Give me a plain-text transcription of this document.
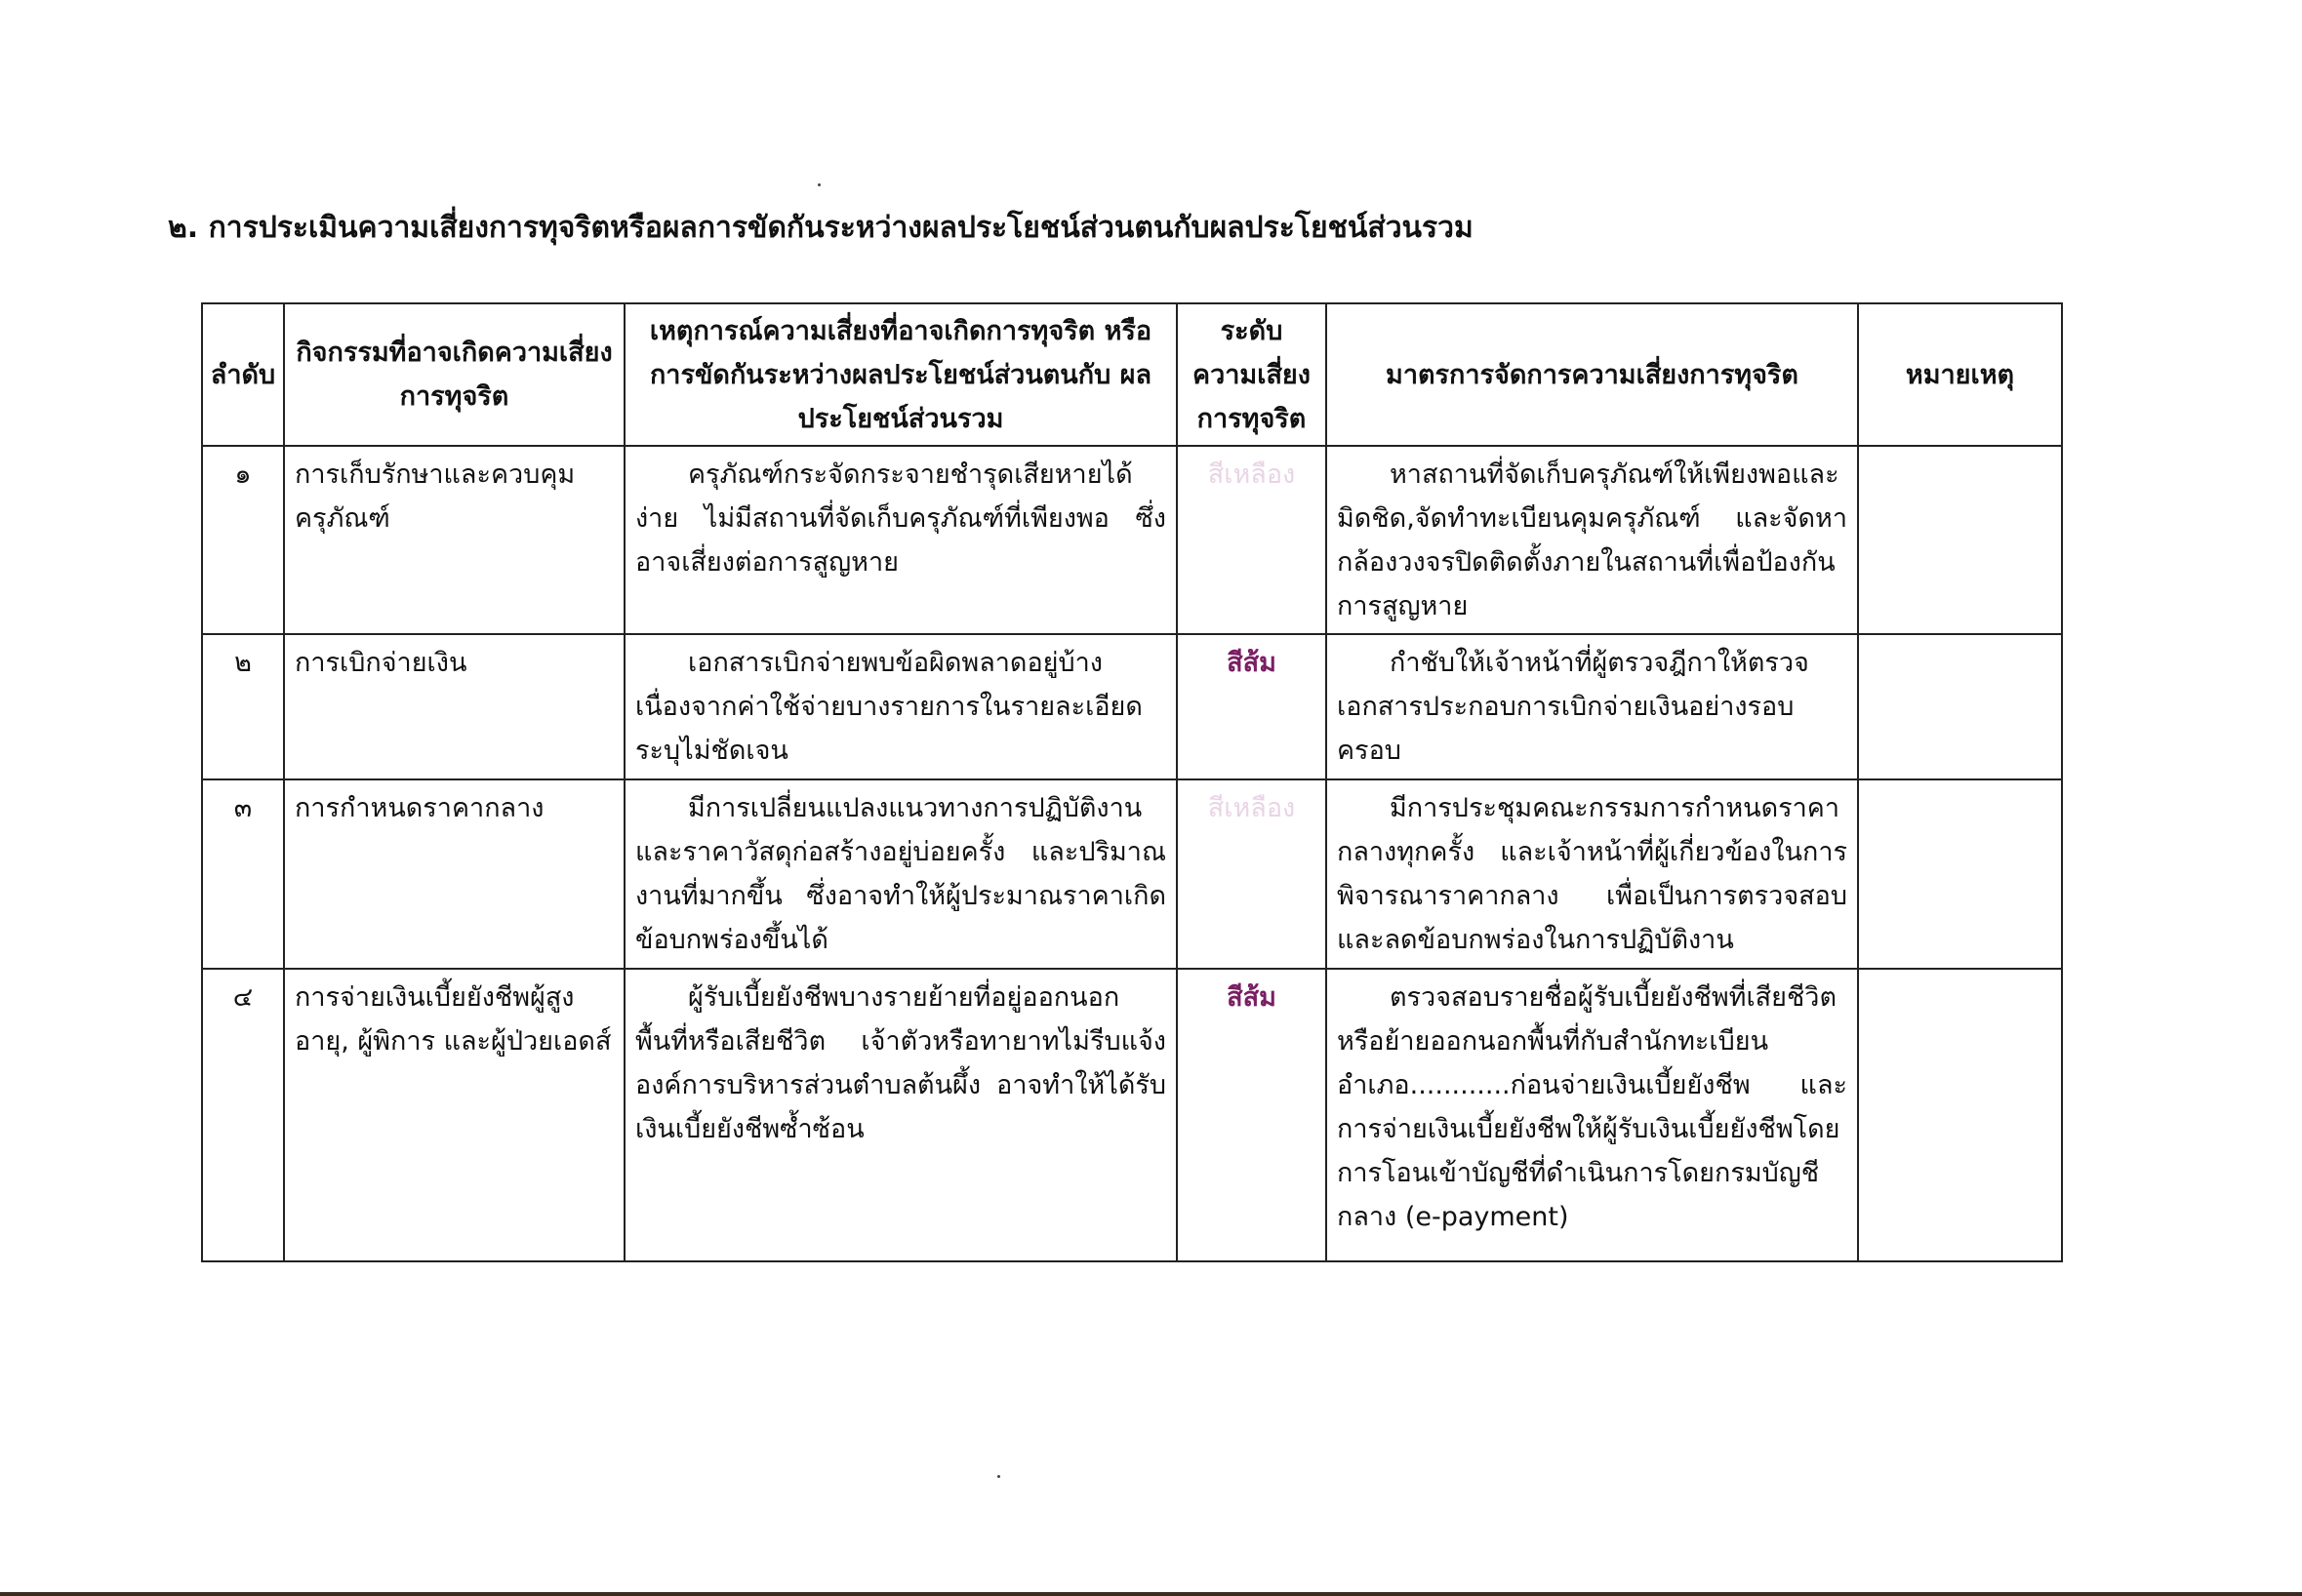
๒. การประเมินความเสี่ยงการทุจริตหรือผลการขัดกันระหว่างผลประโยชน์ส่วนตนกับผลประโยชน์ส่วนรวม
ลำดับ	กิจกรรมที่อาจเกิดความเสี่ยง การทุจริต	เหตุการณ์ความเสี่ยงที่อาจเกิดการทุจริต หรือการขัดกันระหว่างผลประโยชน์ส่วนตนกับ ผลประโยชน์ส่วนรวม	ระดับ ความเสี่ยง การทุจริต	มาตรการจัดการความเสี่ยงการทุจริต	หมายเหตุ
๑	การเก็บรักษาและควบคุม ครุภัณฑ์	ครุภัณฑ์กระจัดกระจายชำรุดเสียหายได้ง่าย ไม่มีสถานที่จัดเก็บครุภัณฑ์ที่เพียงพอ ซึ่งอาจเสี่ยงต่อการสูญหาย	สีเหลือง	หาสถานที่จัดเก็บครุภัณฑ์ให้เพียงพอและมิดชิด,จัดทำทะเบียนคุมครุภัณฑ์ และจัดหากล้องวงจรปิดติดตั้งภายในสถานที่เพื่อป้องกันการสูญหาย	

๒	การเบิกจ่ายเงิน	เอกสารเบิกจ่ายพบข้อผิดพลาดอยู่บ้าง เนื่องจากค่าใช้จ่ายบางรายการในรายละเอียดระบุไม่ชัดเจน	สีส้ม	กำชับให้เจ้าหน้าที่ผู้ตรวจฎีกาให้ตรวจเอกสารประกอบการเบิกจ่ายเงินอย่างรอบครอบ	

๓	การกำหนดราคากลาง	มีการเปลี่ยนแปลงแนวทางการปฏิบัติงานและราคาวัสดุก่อสร้างอยู่บ่อยครั้ง และปริมาณงานที่มากขึ้น ซึ่งอาจทำให้ผู้ประมาณราคาเกิดข้อบกพร่องขึ้นได้	สีเหลือง	มีการประชุมคณะกรรมการกำหนดราคากลางทุกครั้ง และเจ้าหน้าที่ผู้เกี่ยวข้องในการพิจารณาราคากลาง เพื่อเป็นการตรวจสอบและลดข้อบกพร่องในการปฏิบัติงาน	

๔	การจ่ายเงินเบี้ยยังชีพผู้สูงอายุ, ผู้พิการ และผู้ป่วยเอดส์	ผู้รับเบี้ยยังชีพบางรายย้ายที่อยู่ออกนอกพื้นที่หรือเสียชีวิต เจ้าตัวหรือทายาทไม่รีบแจ้งองค์การบริหารส่วนตำบลต้นผึ้ง อาจทำให้ได้รับเงินเบี้ยยังชีพซ้ำซ้อน	สีส้ม	ตรวจสอบรายชื่อผู้รับเบี้ยยังชีพที่เสียชีวิตหรือย้ายออกนอกพื้นที่กับสำนักทะเบียนอำเภอ............ก่อนจ่ายเงินเบี้ยยังชีพ และการจ่ายเงินเบี้ยยังชีพให้ผู้รับเงินเบี้ยยังชีพโดยการโอนเข้าบัญชีที่ดำเนินการโดยกรมบัญชีกลาง (e-payment)	
